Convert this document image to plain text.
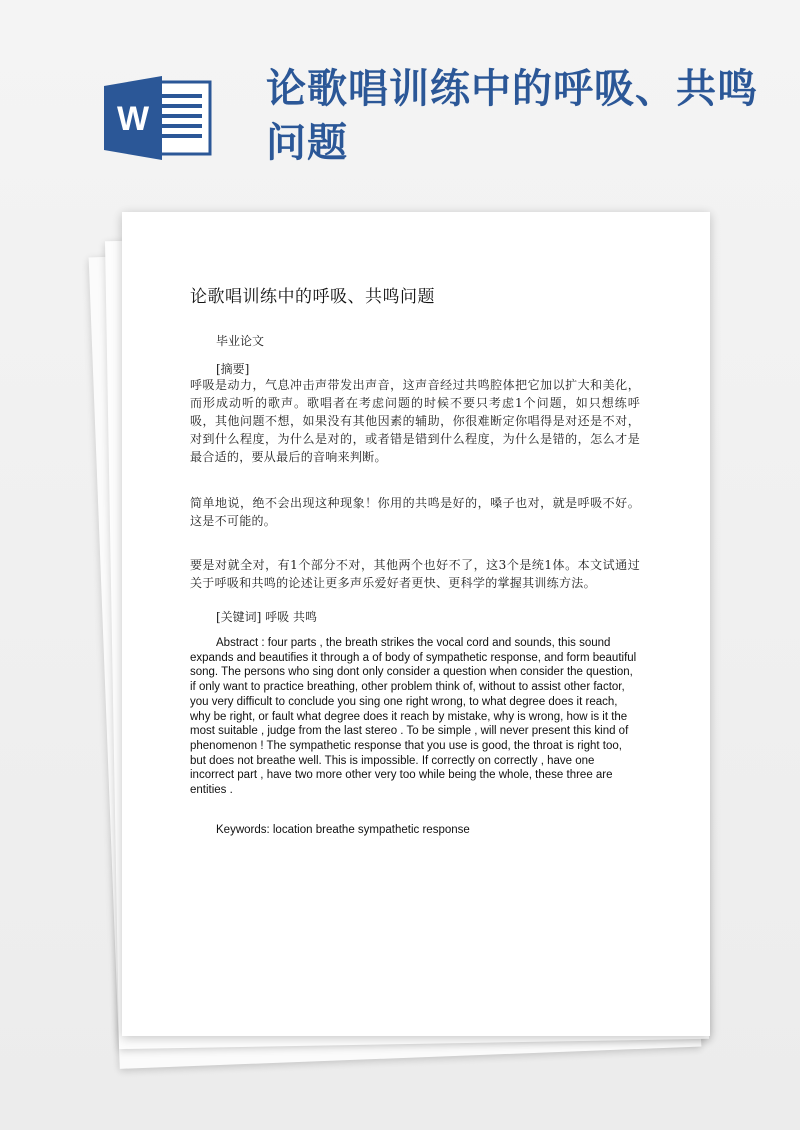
W
论歌唱训练中的呼吸、共鸣问题
论歌唱训练中的呼吸、共鸣问题
毕业论文
[摘要]
呼吸是动力，气息冲击声带发出声音，这声音经过共鸣腔体把它加以扩大和美化，而形成动听的歌声。歌唱者在考虑问题的时候不要只考虑1个问题，如只想练呼吸，其他问题不想，如果没有其他因素的辅助，你很难断定你唱得是对还是不对，对到什么程度，为什么是对的，或者错是错到什么程度，为什么是错的，怎么才是最合适的，要从最后的音响来判断。
简单地说，绝不会出现这种现象！你用的共鸣是好的，嗓子也对，就是呼吸不好。这是不可能的。
要是对就全对，有1个部分不对，其他两个也好不了，这3个是统1体。本文试通过关于呼吸和共鸣的论述让更多声乐爱好者更快、更科学的掌握其训练方法。
[关键词] 呼吸 共鸣
Abstract : four parts , the breath strikes the vocal cord and sounds, this sound expands and beautifies it through a of body of sympathetic response, and form beautiful song. The persons who sing dont only consider a question when consider the question, if only want to practice breathing, other problem think of, without to assist other factor, you very difficult to conclude you sing one right wrong, to what degree does it reach, why be right, or fault what degree does it reach by mistake, why is wrong, how is it the most suitable , judge from the last stereo . To be simple , will never present this kind of phenomenon ! The sympathetic response that you use is good, the throat is right too, but does not breathe well. This is impossible. If correctly on correctly , have one incorrect part , have two more other very too while being the whole, these three are entities .
Keywords: location breathe sympathetic response
